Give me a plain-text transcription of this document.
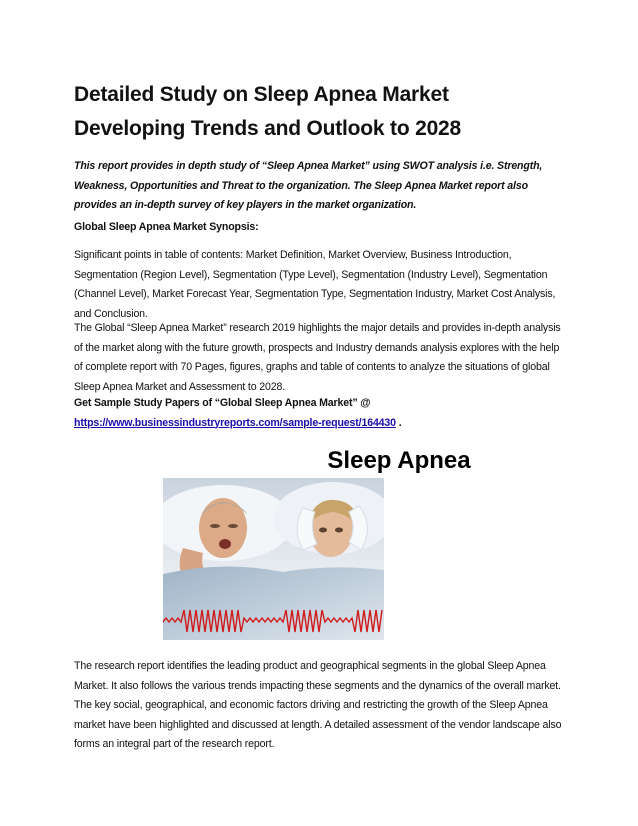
Detailed Study on Sleep Apnea Market
Developing Trends and Outlook to 2028

This report provides in depth study of “Sleep Apnea Market” using SWOT analysis i.e. Strength, Weakness, Opportunities and Threat to the organization. The Sleep Apnea Market report also provides an in-depth survey of key players in the market organization.

Global Sleep Apnea Market Synopsis:

Significant points in table of contents: Market Definition, Market Overview, Business Introduction, Segmentation (Region Level), Segmentation (Type Level), Segmentation (Industry Level), Segmentation (Channel Level), Market Forecast Year, Segmentation Type, Segmentation Industry, Market Cost Analysis, and Conclusion.

The Global “Sleep Apnea Market” research 2019 highlights the major details and provides in-depth analysis of the market along with the future growth, prospects and Industry demands analysis explores with the help of complete report with 70 Pages, figures, graphs and table of contents to analyze the situations of global Sleep Apnea Market and Assessment to 2028.

Get Sample Study Papers of “Global Sleep Apnea Market” @
https://www.businessindustryreports.com/sample-request/164430 .

Sleep Apnea

The research report identifies the leading product and geographical segments in the global Sleep Apnea Market. It also follows the various trends impacting these segments and the dynamics of the overall market. The key social, geographical, and economic factors driving and restricting the growth of the Sleep Apnea market have been highlighted and discussed at length. A detailed assessment of the vendor landscape also forms an integral part of the research report.
